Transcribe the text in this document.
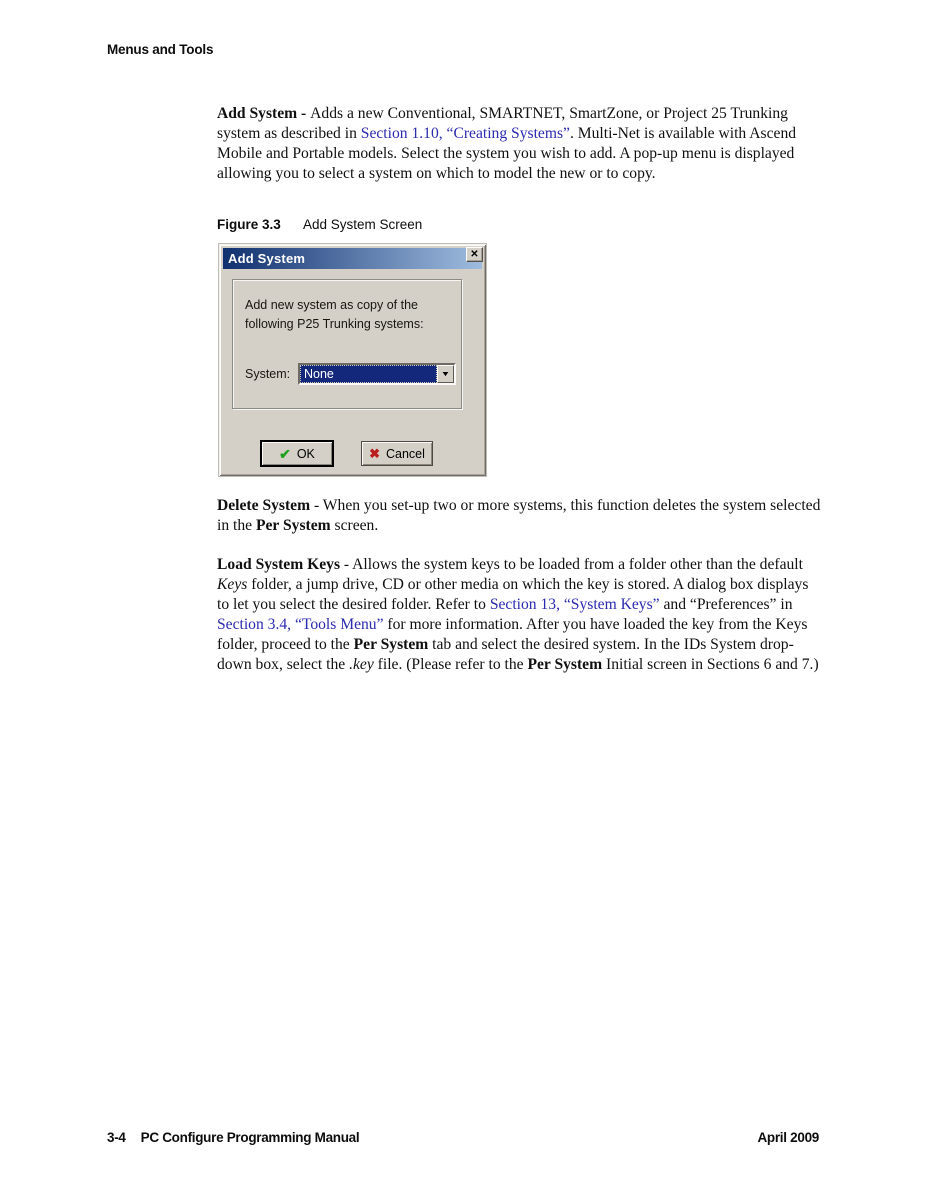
Menus and Tools

Add System - Adds a new Conventional, SMARTNET, SmartZone, or Project 25 Trunking system as described in Section 1.10, “Creating Systems”. Multi-Net is available with Ascend Mobile and Portable models. Select the system you wish to add. A pop-up menu is displayed allowing you to select a system on which to model the new or to copy.

Figure 3.3 Add System Screen
Add System	✕
Add new system as copy of the following P25 Trunking systems:
System:	None	▼
✔ OK	✖ Cancel

Delete System - When you set-up two or more systems, this function deletes the system selected in the Per System screen.

Load System Keys - Allows the system keys to be loaded from a folder other than the default Keys folder, a jump drive, CD or other media on which the key is stored. A dialog box displays to let you select the desired folder. Refer to Section 13, “System Keys” and “Preferences” in Section 3.4, “Tools Menu” for more information. After you have loaded the key from the Keys folder, proceed to the Per System tab and select the desired system. In the IDs System drop-down box, select the .key file. (Please refer to the Per System Initial screen in Sections 6 and 7.)

3-4 PC Configure Programming Manual	April 2009
